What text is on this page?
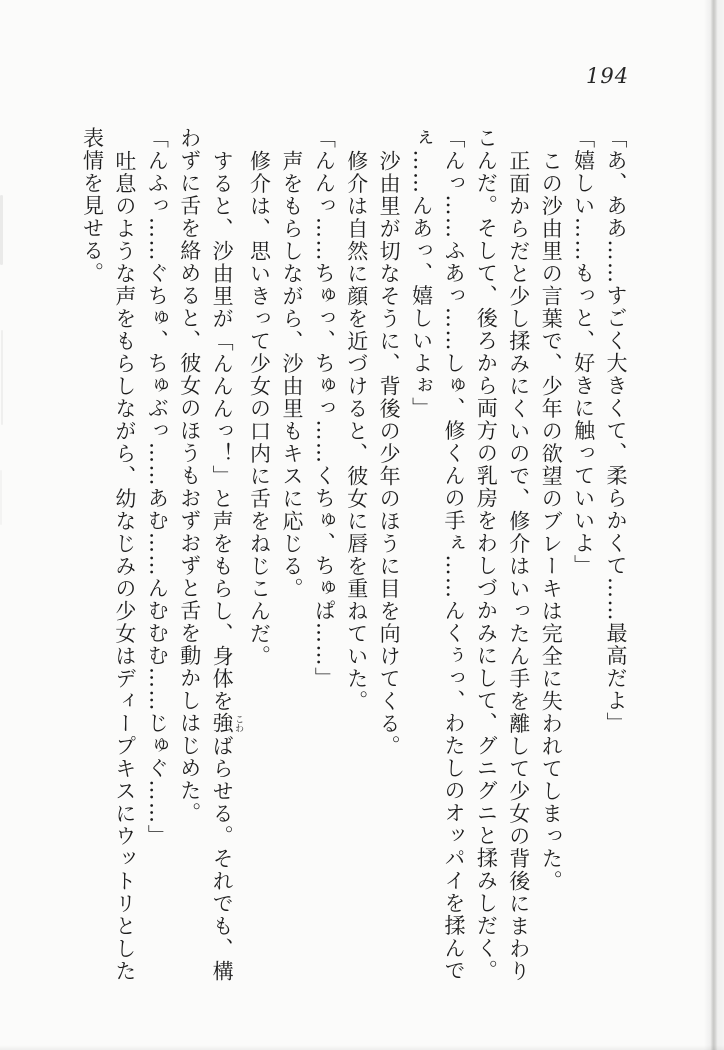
194

「あ、ああ……すごく大きくて、柔らかくて……最高だよ」

「嬉しい……もっと、好きに触っていいよ」

この沙由里の言葉で、少年の欲望のブレーキは完全に失われてしまった。

正面からだと少し揉みにくいので、修介はいったん手を離して少女の背後にまわり

こんだ。そして、後ろから両方の乳房をわしづかみにして、グニグニと揉みしだく。

「んっ……ふあっ……しゅ、修くんの手ぇ……んくぅっ、わたしのオッパイを揉んで

ぇ……んあっ、嬉しいよぉ」

沙由里が切なそうに、背後の少年のほうに目を向けてくる。

修介は自然に顔を近づけると、彼女に唇を重ねていた。

「んんっ……ちゅっ、ちゅっ……くちゅ、ちゅぱ……」

声をもらしながら、沙由里もキスに応じる。

修介は、思いきって少女の口内に舌をねじこんだ。

すると、沙由里が「んんんっ！」と声をもらし、身体を強 こわばらせる。それでも、構

わずに舌を絡めると、彼女のほうもおずおずと舌を動かしはじめた。

「んふっ……ぐちゅ、ちゅぶっ……あむ……んむむむ……じゅぐ……」

吐息のような声をもらしながら、幼なじみの少女はディープキスにウットリとした

表情を見せる。
